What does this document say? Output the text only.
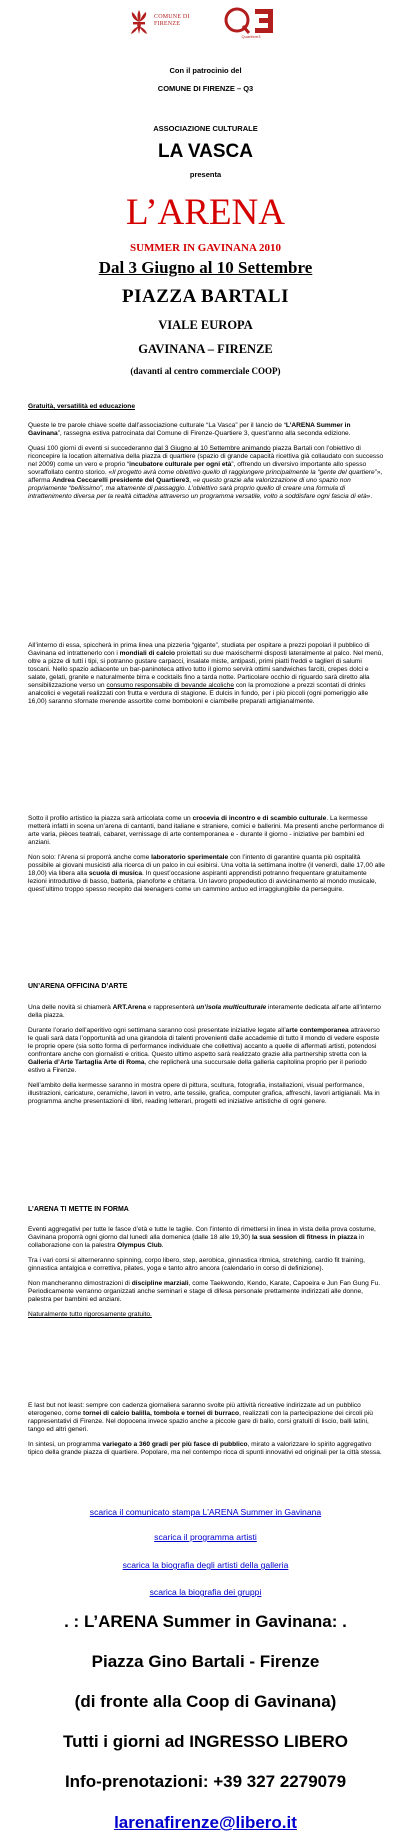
COMUNE DI
FIRENZE
Quartiere3
Con il patrocinio del
COMUNE DI FIRENZE – Q3
ASSOCIAZIONE CULTURALE
LA VASCA
presenta
L’ARENA
SUMMER IN GAVINANA 2010
Dal 3 Giugno al 10 Settembre
PIAZZA BARTALI
VIALE EUROPA
GAVINANA – FIRENZE
(davanti al centro commerciale COOP)

Gratuità, versatilità ed educazione

Queste le tre parole chiave scelte dall’associazione culturale “La Vasca” per il lancio de “L’ARENA Summer in Gavinana”, rassegna estiva patrocinata dal Comune di Firenze-Quartiere 3, quest’anno alla seconda edizione.

Quasi 100 giorni di eventi si succederanno dal 3 Giugno al 10 Settembre animando piazza Bartali con l’obiettivo di riconcepire la location alternativa della piazza di quartiere (spazio di grande capacità ricettiva già collaudato con successo nel 2009) come un vero e proprio “incubatore culturale per ogni età”, offrendo un diversivo importante allo spesso sovraffollato centro storico. «Il progetto avrà come obiettivo quello di raggiungere principalmente la “gente del quartiere”», afferma Andrea Ceccarelli presidente del Quartiere3, «e questo grazie alla valorizzazione di uno spazio non propriamente “bellissimo”, ma altamente di passaggio. L’obiettivo sarà proprio quello di creare una formula di intrattenimento diversa per la realtà cittadina attraverso un programma versatile, volto a soddisfare ogni fascia di età».

All’interno di essa, spiccherà in prima linea una pizzeria “gigante”, studiata per ospitare a prezzi popolari il pubblico di Gavinana ed intrattenerlo con i mondiali di calcio proiettati su due maxischermi disposti lateralmente al palco. Nel menù, oltre a pizze di tutti i tipi, si potranno gustare carpacci, insalate miste, antipasti, primi piatti freddi e taglieri di salumi toscani. Nello spazio adiacente un bar-paninoteca attivo tutto il giorno servirà ottimi sandwiches farciti, crepes dolci e salate, gelati, granite e naturalmente birra e cocktails fino a tarda notte. Particolare occhio di riguardo sarà diretto alla sensibilizzazione verso un consumo responsabile di bevande alcoliche con la promozione a prezzi scontati di drinks analcolici e vegetali realizzati con frutta e verdura di stagione. E dulcis in fundo, per i più piccoli (ogni pomeriggio alle 16,00) saranno sfornate merende assortite come bomboloni e ciambelle preparati artigianalmente.

Sotto il profilo artistico la piazza sarà articolata come un crocevia di incontro e di scambio culturale. La kermesse metterà infatti in scena un’arena di cantanti, band italiane e straniere, comici e ballerini. Ma presenti anche performance di arte varia, pièces teatrali, cabaret, vernissage di arte contemporanea e - durante il giorno - iniziative per bambini ed anziani.

Non solo: l’Arena si proporrà anche come laboratorio sperimentale con l’intento di garantire quanta più ospitalità possibile ai giovani musicisti alla ricerca di un palco in cui esibirsi. Una volta la settimana inoltre (il venerdì, dalle 17,00 alle 18,00) via libera alla scuola di musica. In quest’occasione aspiranti apprendisti potranno frequentare gratuitamente lezioni introduttive di basso, batteria, pianoforte e chitarra. Un lavoro propedeutico di avvicinamento al mondo musicale, quest’ultimo troppo spesso recepito dai teenagers come un cammino arduo ed irraggiungibile da perseguire.

UN’ARENA OFFICINA D’ARTE

Una delle novità si chiamerà ART.Arena e rappresenterà un’isola multiculturale interamente dedicata all’arte all’interno della piazza.

Durante l’orario dell’aperitivo ogni settimana saranno così presentate iniziative legate all’arte contemporanea attraverso le quali sarà data l’opportunità ad una girandola di talenti provenienti dalle accademie di tutto il mondo di vedere esposte le proprie opere (sia sotto forma di performance individuale che collettiva) accanto a quelle di affermati artisti, potendosi confrontare anche con giornalisti e critica. Questo ultimo aspetto sarà realizzato grazie alla partnership stretta con la Galleria d’Arte Tartaglia Arte di Roma, che replicherà una succursale della galleria capitolina proprio per il periodo estivo a Firenze.

Nell’ambito della kermesse saranno in mostra opere di pittura, scultura, fotografia, installazioni, visual performance, illustrazioni, caricature, ceramiche, lavori in vetro, arte tessile, grafica, computer grafica, affreschi, lavori artigianali. Ma in programma anche presentazioni di libri, reading letterari, progetti ed iniziative artistiche di ogni genere.

L’ARENA TI METTE IN FORMA

Eventi aggregativi per tutte le fasce d’età e tutte le taglie. Con l’intento di rimettersi in linea in vista della prova costume, Gavinana proporrà ogni giorno dal lunedì alla domenica (dalle 18 alle 19,30) la sua session di fitness in piazza in collaborazione con la palestra Olympus Club.

Tra i vari corsi si alterneranno spinning, corpo libero, step, aerobica, ginnastica ritmica, stretching, cardio fit training, ginnastica antalgica e correttiva, pilates, yoga e tanto altro ancora (calendario in corso di definizione).

Non mancheranno dimostrazioni di discipline marziali, come Taekwondo, Kendo, Karate, Capoeira e Jun Fan Gung Fu. Periodicamente verranno organizzati anche seminari e stage di difesa personale prettamente indirizzati alle donne, palestra per bambini ed anziani.

Naturalmente tutto rigorosamente gratuito.

E last but not least: sempre con cadenza giornaliera saranno svolte più attività ricreative indirizzate ad un pubblico eterogeneo, come tornei di calcio balilla, tombola e tornei di burraco, realizzati con la partecipazione dei circoli più rappresentativi di Firenze. Nel dopocena invece spazio anche a piccole gare di ballo, corsi gratuiti di liscio, balli latini, tango ed altri generi.

In sintesi, un programma variegato a 360 gradi per più fasce di pubblico, mirato a valorizzare lo spirito aggregativo tipico della grande piazza di quartiere. Popolare, ma nel contempo ricca di spunti innovativi ed originali per la città stessa.

scarica il comunicato stampa L'ARENA Summer in Gavinana
scarica il programma artisti
scarica la biografia degli artisti della galleria
scarica la biografia dei gruppi
. : L’ARENA Summer in Gavinana: .
Piazza Gino Bartali - Firenze
(di fronte alla Coop di Gavinana)
Tutti i giorni ad INGRESSO LIBERO
Info-prenotazioni: +39 327 2279079
larenafirenze@libero.it
